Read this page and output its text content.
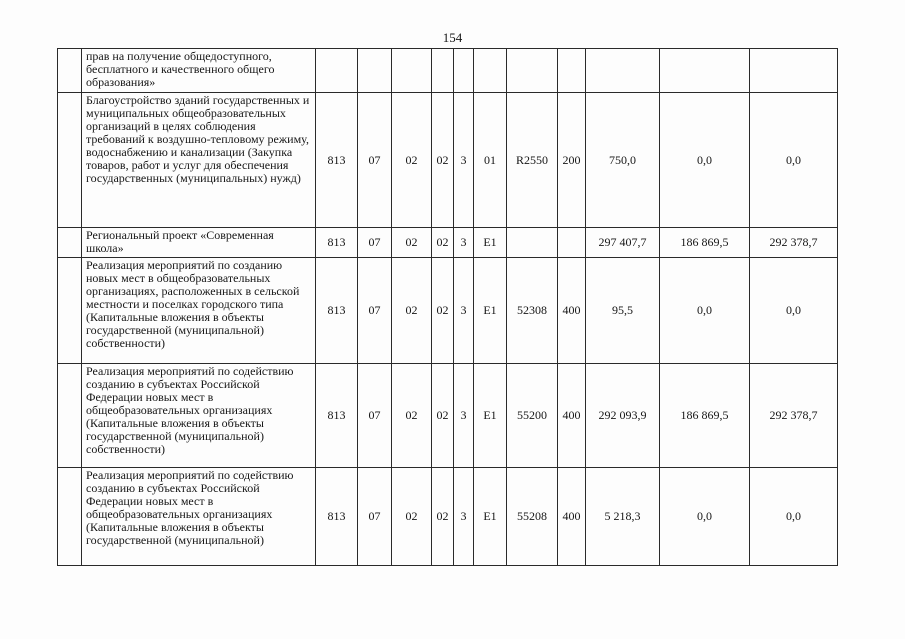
154
	прав на получение общедоступного, бесплатного и качественного общего образования»											
	Благоустройство зданий государственных и муниципальных общеобразовательных организаций в целях соблюдения требований к воздушно-тепловому режиму, водоснабжению и канализации (Закупка товаров, работ и услуг для обеспечения государственных (муниципальных) нужд)	813	07	02	02	3	01	R2550	200	750,0	0,0	0,0
	Региональный проект «Современная школа»	813	07	02	02	3	E1			297 407,7	186 869,5	292 378,7
	Реализация мероприятий по созданию новых мест в общеобразовательных организациях, расположенных в сельской местности и поселках городского типа (Капитальные вложения в объекты государственной (муниципальной) собственности)	813	07	02	02	3	E1	52308	400	95,5	0,0	0,0
	Реализация мероприятий по содействию созданию в субъектах Российской Федерации новых мест в общеобразовательных организациях (Капитальные вложения в объекты государственной (муниципальной) собственности)	813	07	02	02	3	E1	55200	400	292 093,9	186 869,5	292 378,7
	Реализация мероприятий по содействию созданию в субъектах Российской Федерации новых мест в общеобразовательных организациях (Капитальные вложения в объекты государственной (муниципальной)	813	07	02	02	3	E1	55208	400	5 218,3	0,0	0,0
